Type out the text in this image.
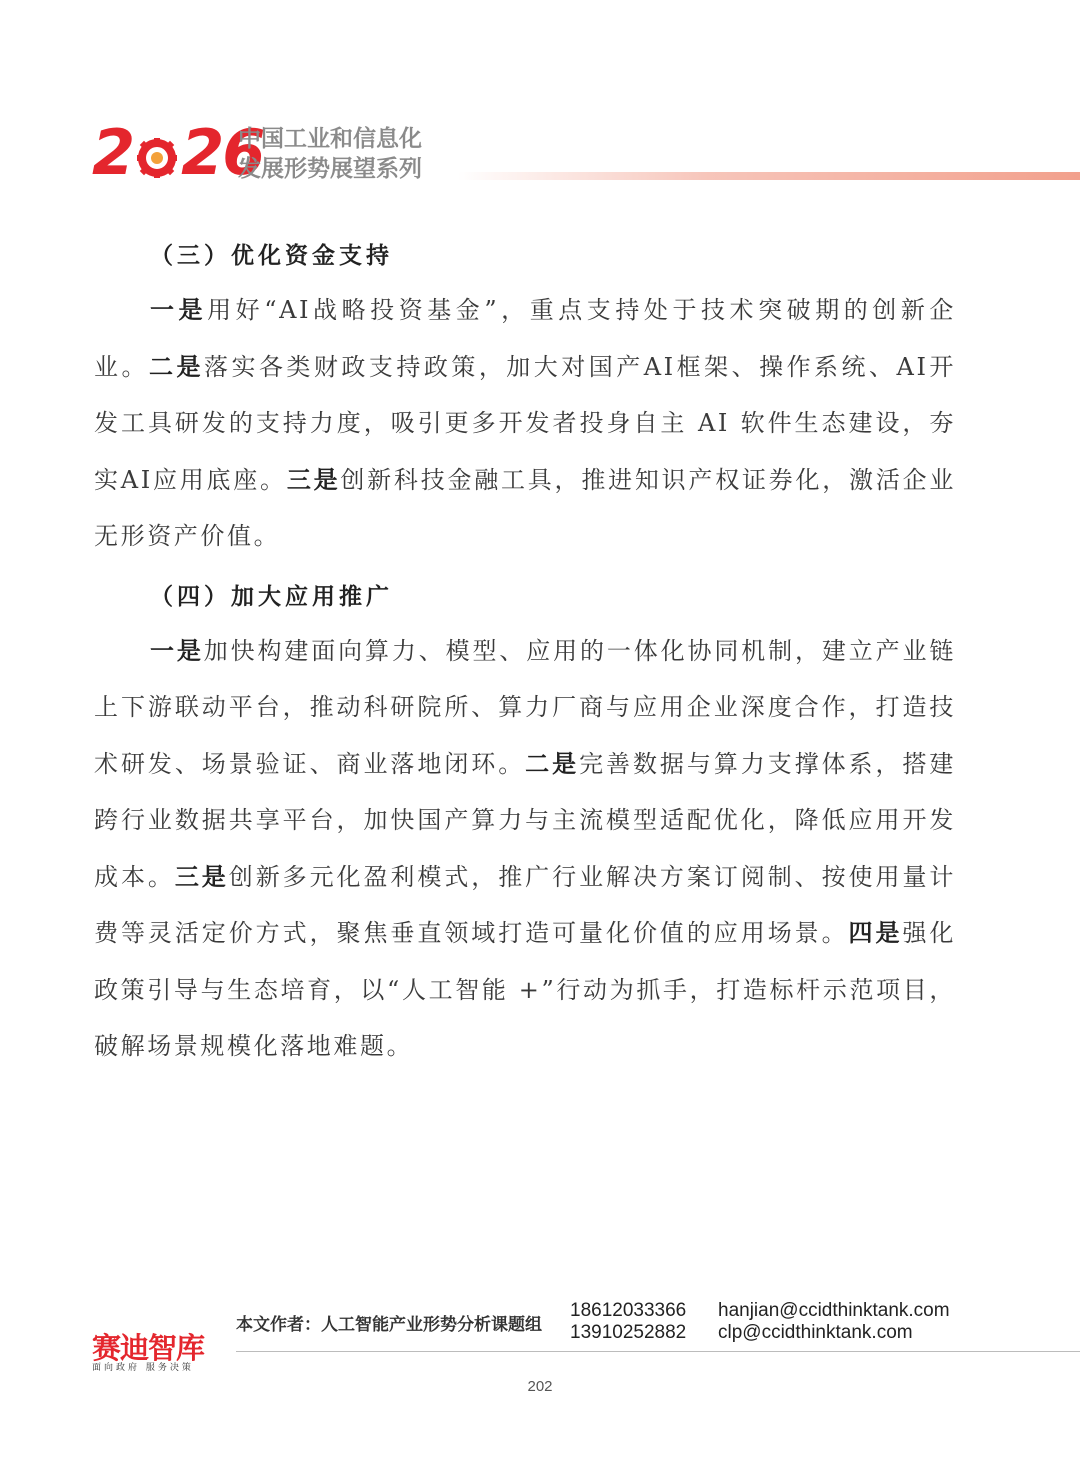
2 26
中国工业和信息化
发展形势展望系列
（三）优化资金支持

一是用好“AI战略投资基金”，重点支持处于技术突破期的创新企业。二是落实各类财政支持政策，加大对国产AI框架、操作系统、AI开发工具研发的支持力度，吸引更多开发者投身自主 AI 软件生态建设，夯实AI应用底座。三是创新科技金融工具，推进知识产权证券化，激活企业无形资产价值。

（四）加大应用推广

一是加快构建面向算力、模型、应用的一体化协同机制，建立产业链上下游联动平台，推动科研院所、算力厂商与应用企业深度合作，打造技术研发、场景验证、商业落地闭环。二是完善数据与算力支撑体系，搭建跨行业数据共享平台，加快国产算力与主流模型适配优化，降低应用开发成本。三是创新多元化盈利模式，推广行业解决方案订阅制、按使用量计费等灵活定价方式，聚焦垂直领域打造可量化价值的应用场景。四是强化政策引导与生态培育，以“人工智能 +”行动为抓手，打造标杆示范项目，破解场景规模化落地难题。

赛迪智库
面向政府 服务决策
本文作者：人工智能产业形势分析课题组
18612033366
13910252882
hanjian@ccidthinktank.com
clp@ccidthinktank.com
202
